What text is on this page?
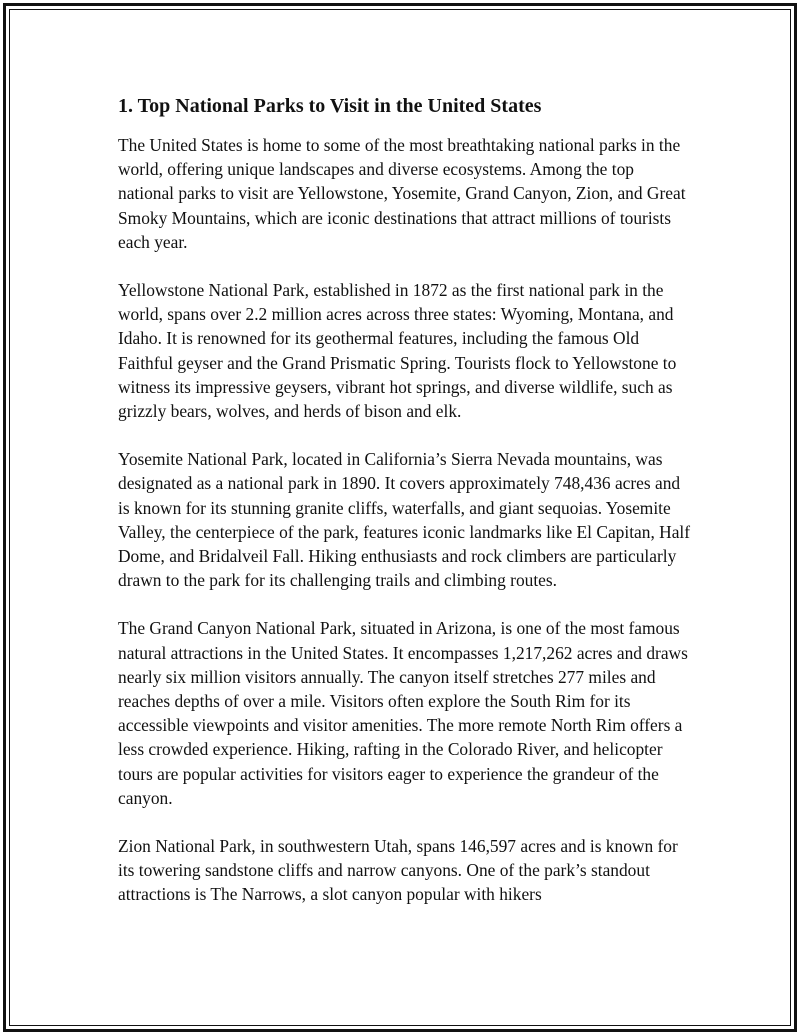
1. Top National Parks to Visit in the United States

The United States is home to some of the most breathtaking national parks in the world, offering unique landscapes and diverse ecosystems. Among the top national parks to visit are Yellowstone, Yosemite, Grand Canyon, Zion, and Great Smoky Mountains, which are iconic destinations that attract millions of tourists each year.

Yellowstone National Park, established in 1872 as the first national park in the world, spans over 2.2 million acres across three states: Wyoming, Montana, and Idaho. It is renowned for its geothermal features, including the famous Old Faithful geyser and the Grand Prismatic Spring. Tourists flock to Yellowstone to witness its impressive geysers, vibrant hot springs, and diverse wildlife, such as grizzly bears, wolves, and herds of bison and elk.

Yosemite National Park, located in California’s Sierra Nevada mountains, was designated as a national park in 1890. It covers approximately 748,436 acres and is known for its stunning granite cliffs, waterfalls, and giant sequoias. Yosemite Valley, the centerpiece of the park, features iconic landmarks like El Capitan, Half Dome, and Bridalveil Fall. Hiking enthusiasts and rock climbers are particularly drawn to the park for its challenging trails and climbing routes.

The Grand Canyon National Park, situated in Arizona, is one of the most famous natural attractions in the United States. It encompasses 1,217,262 acres and draws nearly six million visitors annually. The canyon itself stretches 277 miles and reaches depths of over a mile. Visitors often explore the South Rim for its accessible viewpoints and visitor amenities. The more remote North Rim offers a less crowded experience. Hiking, rafting in the Colorado River, and helicopter tours are popular activities for visitors eager to experience the grandeur of the canyon.

Zion National Park, in southwestern Utah, spans 146,597 acres and is known for its towering sandstone cliffs and narrow canyons. One of the park’s standout attractions is The Narrows, a slot canyon popular with hikers
